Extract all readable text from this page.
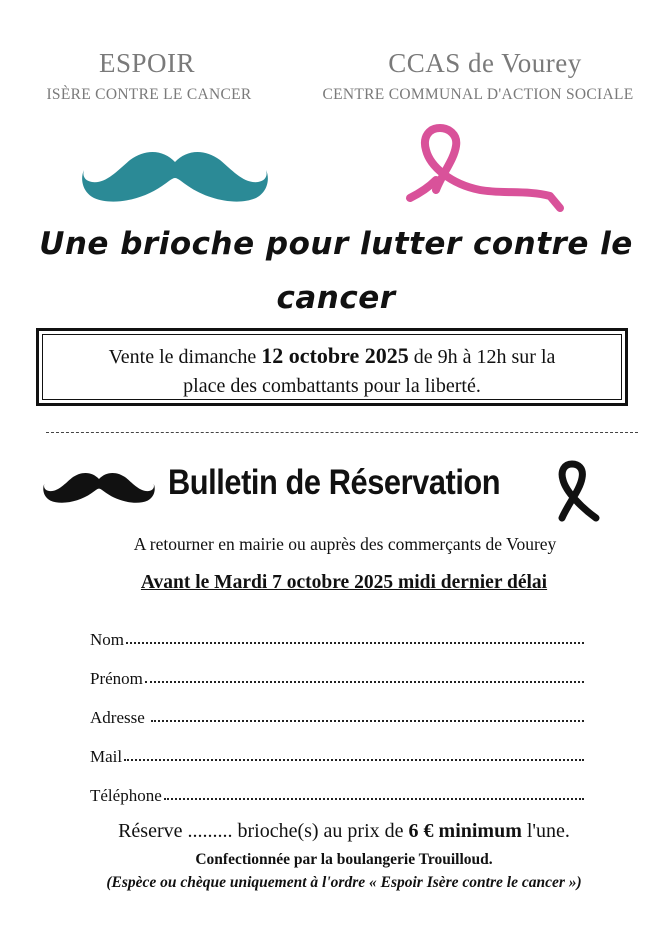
ESPOIR
ISÈRE CONTRE LE CANCER
CCAS de Vourey
CENTRE COMMUNAL D'ACTION SOCIALE
Une brioche pour lutter contre le
cancer
Vente le dimanche 12 octobre 2025 de 9h à 12h sur la
place des combattants pour la liberté.
Bulletin de Réservation
A retourner en mairie ou auprès des commerçants de Vourey
Avant le Mardi 7 octobre 2025 midi dernier délai
Nom
Prénom
Adresse
Mail
Téléphone
Réserve ......... brioche(s) au prix de 6 € minimum l'une.
Confectionnée par la boulangerie Trouilloud.
(Espèce ou chèque uniquement à l'ordre « Espoir Isère contre le cancer »)
